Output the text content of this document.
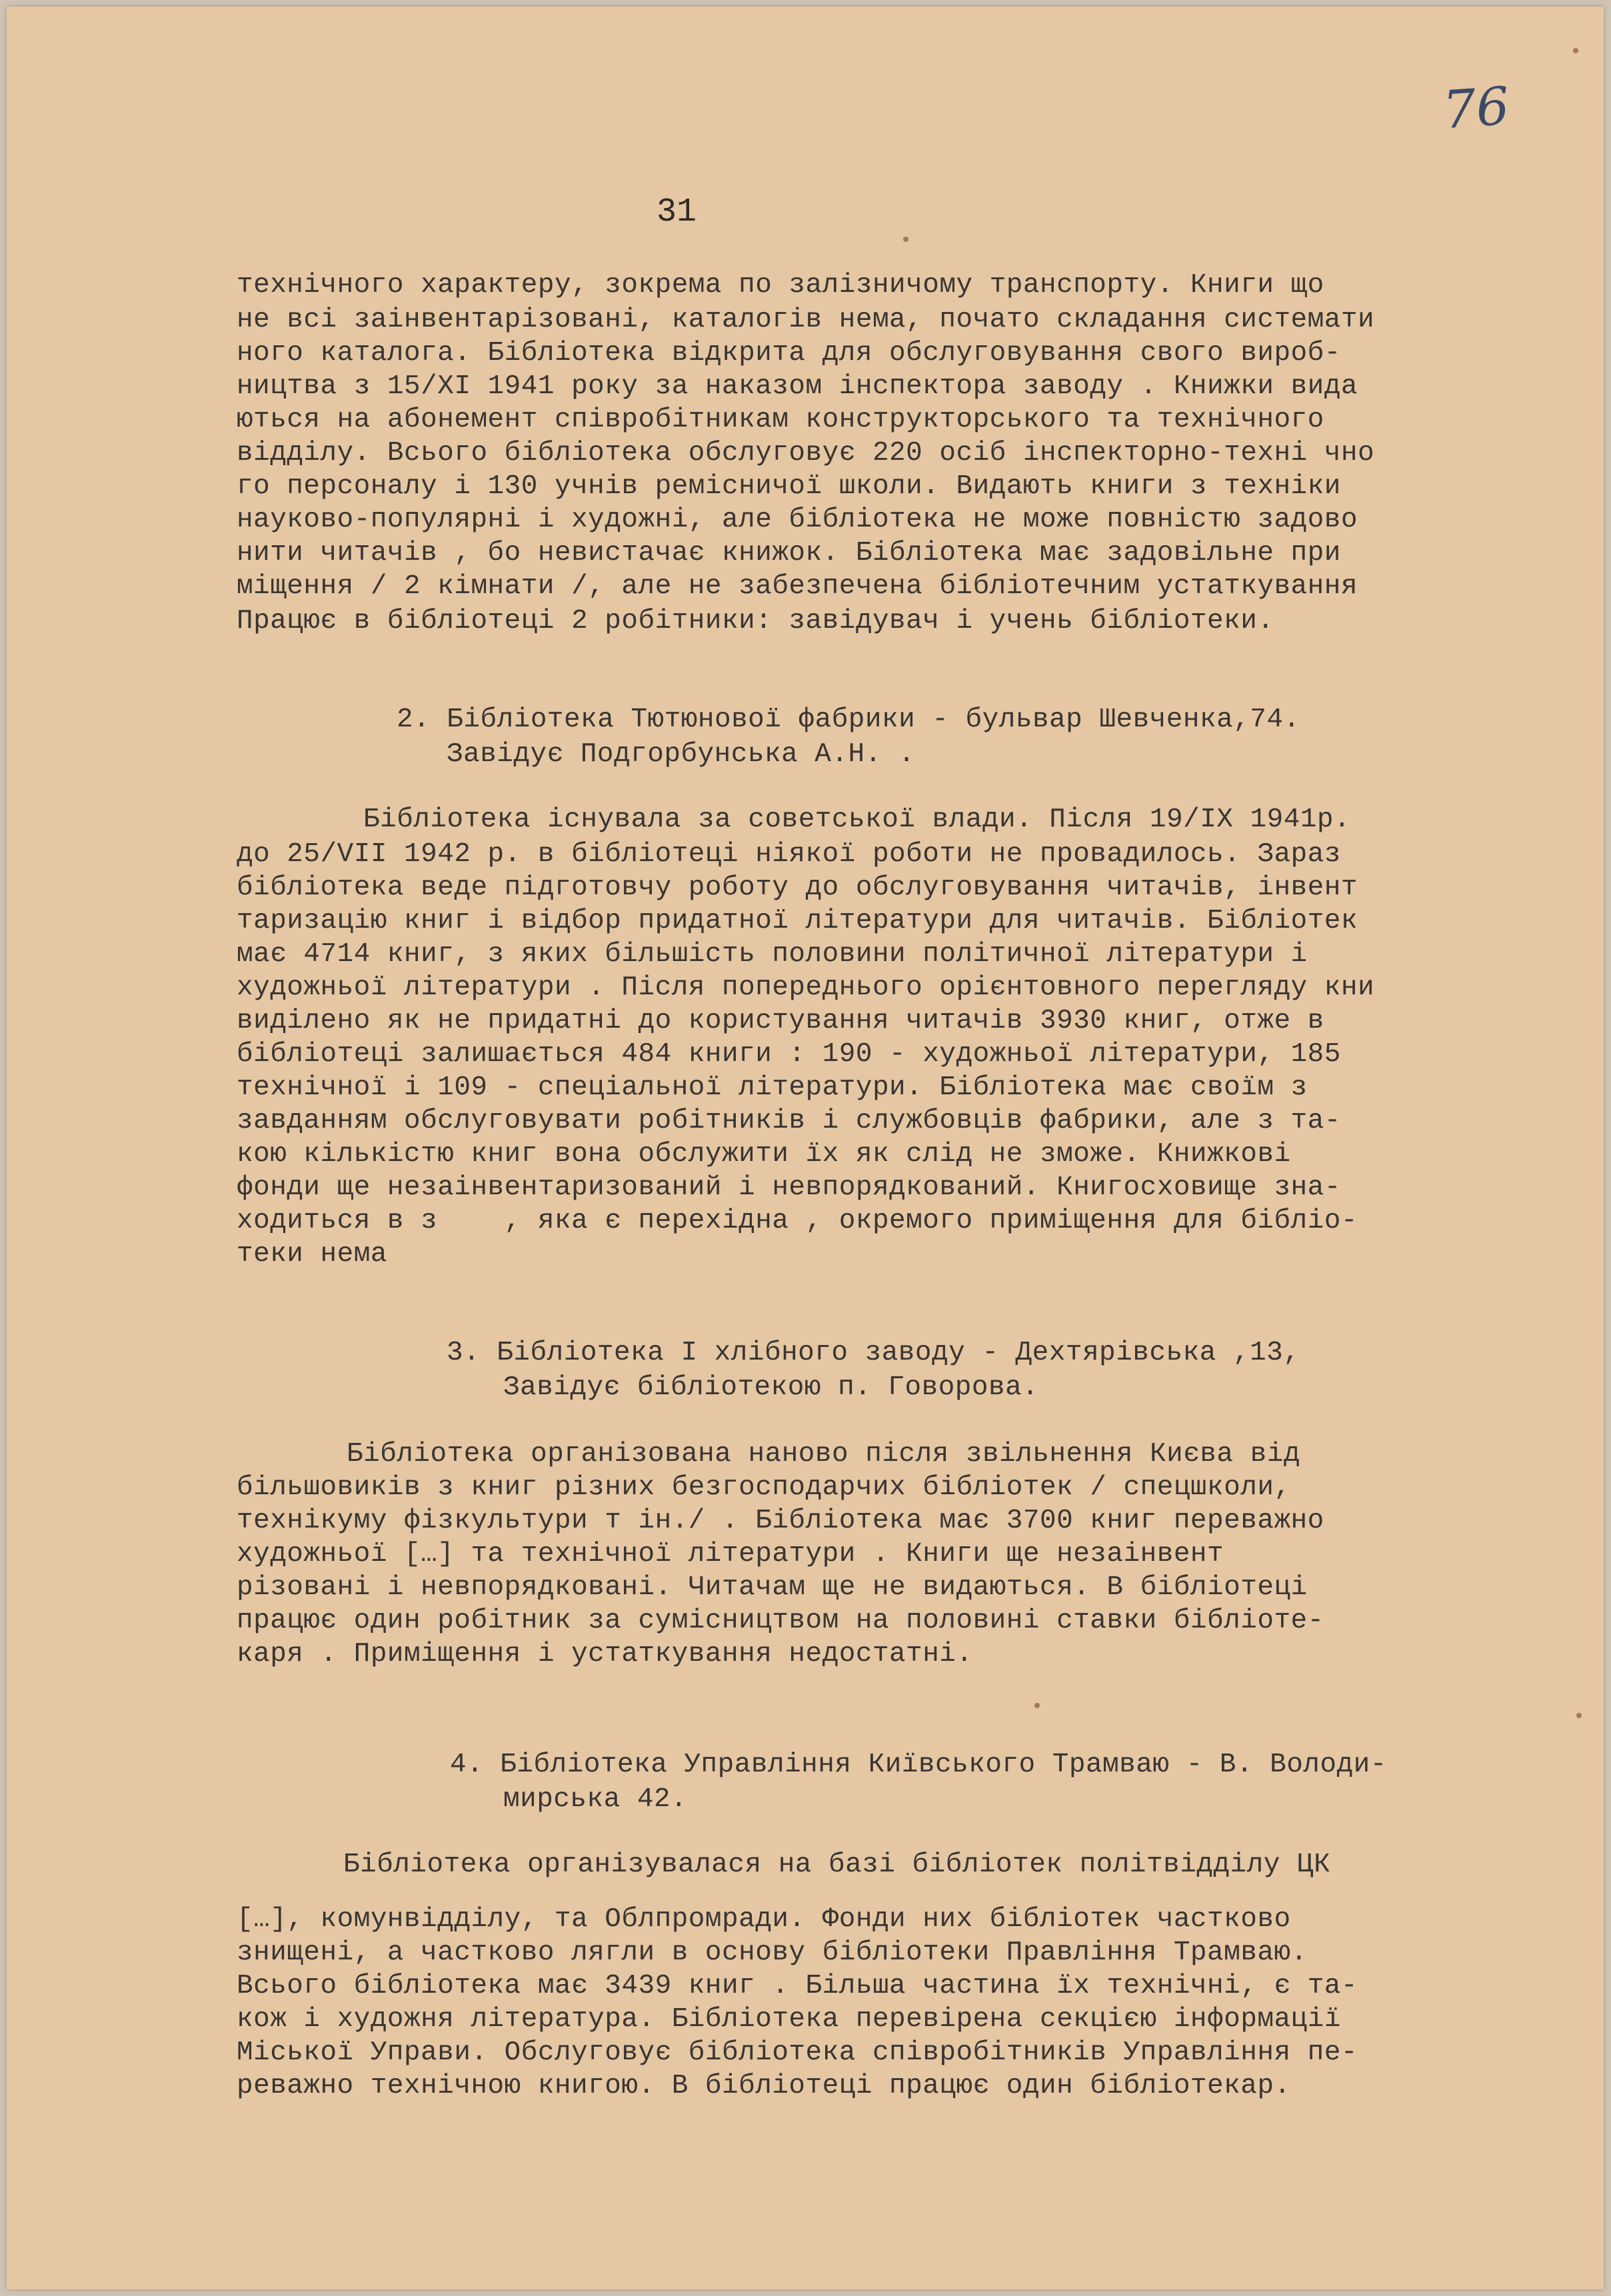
76
31
технічного характеру, зокрема по залізничому транспорту. Книги що
не всі заінвентарізовані, каталогів нема, почато складання системати
ного каталога. Бібліотека відкрита для обслуговування свого вироб-
ництва з 15/ХІ 1941 року за наказом інспектора заводу . Книжки вида
ються на абонемент співробітникам конструкторського та технічного
відділу. Всього бібліотека обслуговує 220 осіб інспекторно-техні чно
го персоналу і 130 учнів ремісничої школи. Видають книги з техніки
науково-популярні і художні, але бібліотека не може повністю задово
нити читачів , бо невистачає книжок. Бібліотека має задовільне при
міщення / 2 кімнати /, але не забезпечена бібліотечним устаткування
Працює в бібліотеці 2 робітники: завідувач і учень бібліотеки.
2. Бібліотека Тютюнової фабрики - бульвар Шевченка,74.
Завідує Подгорбунська А.Н. .
Бібліотека існувала за советської влади. Після 19/ІХ 1941р.
до 25/VII 1942 р. в бібліотеці ніякої роботи не провадилось. Зараз
бібліотека веде підготовчу роботу до обслуговування читачів, інвент
таризацію книг і відбор придатної літератури для читачів. Бібліотек
має 4714 книг, з яких більшість половини політичної літератури і
художньої літератури . Після попереднього орієнтовного перегляду кни
виділено як не придатні до користування читачів 3930 книг, отже в
бібліотеці залишається 484 книги : 190 - художньої літератури, 185
технічної і 109 - спеціальної літератури. Бібліотека має своїм з
завданням обслуговувати робітників і службовців фабрики, але з та-
кою кількістю книг вона обслужити їх як слід не зможе. Книжкові
фонди ще незаінвентаризований і невпорядкований. Книгосховище зна-
ходиться в з    , яка є перехідна , окремого приміщення для бібліо-
теки нема
3. Бібліотека І хлібного заводу - Дехтярівська ,13,
Завідує бібліотекою п. Говорова.
Бібліотека організована наново після звільнення Києва від
більшовиків з книг різних безгосподарчих бібліотек / спецшколи,
технікуму фізкультури т ін./ . Бібліотека має 3700 книг переважно
художньої […] та технічної літератури . Книги ще незаінвент
різовані і невпорядковані. Читачам ще не видаються. В бібліотеці
працює один робітник за сумісництвом на половині ставки бібліоте-
каря . Приміщення і устаткування недостатні.
4. Бібліотека Управління Київського Трамваю - В. Володи-
мирська 42.
Бібліотека організувалася на базі бібліотек політвідділу ЦК
[…], комунвідділу, та Облпромради. Фонди них бібліотек частково
знищені, а частково лягли в основу бібліотеки Правління Трамваю.
Всього бібліотека має 3439 книг . Більша частина їх технічні, є та-
кож і художня література. Бібліотека перевірена секцією інформації
Міської Управи. Обслуговує бібліотека співробітників Управління пе-
реважно технічною книгою. В бібліотеці працює один бібліотекар.
